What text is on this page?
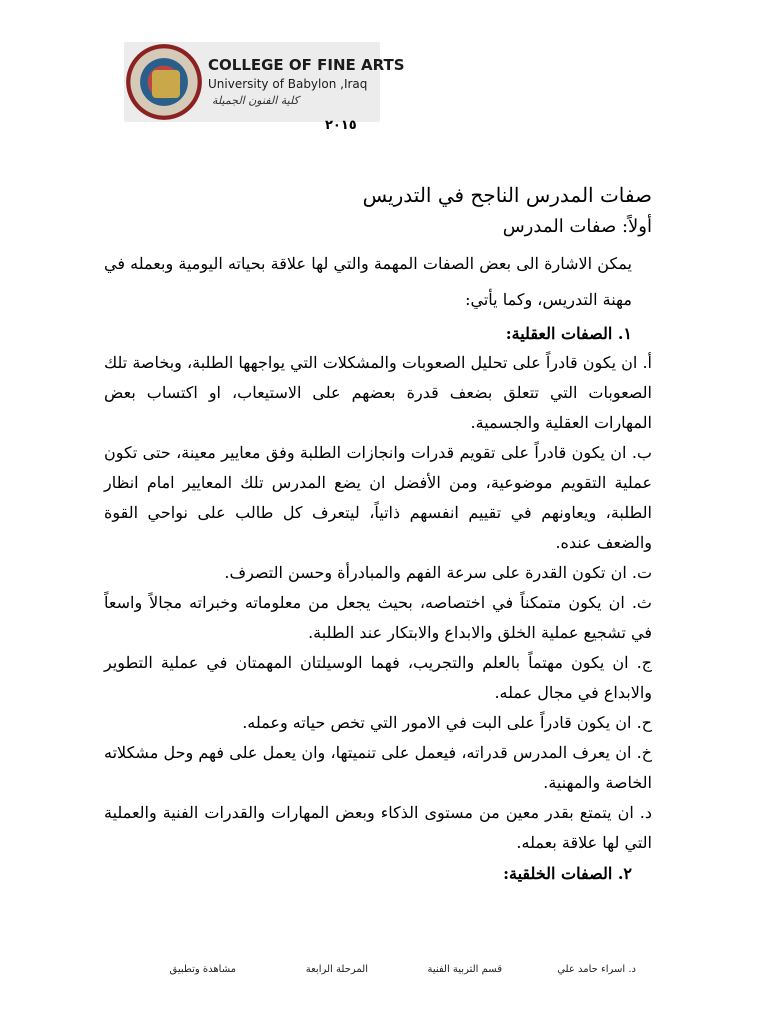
COLLEGE OF FINE ARTS
University of Babylon ,Iraq
كلية الفنون الجميلة
٢٠١٥

صفات المدرس الناجح في التدريس

أولاً: صفات المدرس

يمكن الاشارة الى بعض الصفات المهمة والتي لها علاقة بحياته اليومية وبعمله في مهنة التدريس، وكما يأتي:

١. الصفات العقلية:

أ. ان يكون قادراً على تحليل الصعوبات والمشكلات التي يواجهها الطلبة، وبخاصة تلك الصعوبات التي تتعلق بضعف قدرة بعضهم على الاستيعاب، او اكتساب بعض المهارات العقلية والجسمية.

ب. ان يكون قادراً على تقويم قدرات وانجازات الطلبة وفق معايير معينة، حتى تكون عملية التقويم موضوعية، ومن الأفضل ان يضع المدرس تلك المعايير امام انظار الطلبة، ويعاونهم في تقييم انفسهم ذاتياً، ليتعرف كل طالب على نواحي القوة والضعف عنده.

ت. ان تكون القدرة على سرعة الفهم والمبادرأة وحسن التصرف.

ث. ان يكون متمكناً في اختصاصه، بحيث يجعل من معلوماته وخبراته مجالاً واسعاً في تشجيع عملية الخلق والابداع والابتكار عند الطلبة.

ج. ان يكون مهتماً بالعلم والتجريب، فهما الوسيلتان المهمتان في عملية التطوير والابداع في مجال عمله.

ح. ان يكون قادراً على البت في الامور التي تخص حياته وعمله.

خ. ان يعرف المدرس قدراته، فيعمل على تنميتها، وان يعمل على فهم وحل مشكلاته الخاصة والمهنية.

د. ان يتمتع بقدر معين من مستوى الذكاء وبعض المهارات والقدرات الفنية والعملية التي لها علاقة بعمله.

٢. الصفات الخلقية:

د. اسراء حامد علي
قسم التربية الفنية
المرحلة الرابعة
مشاهدة وتطبيق
